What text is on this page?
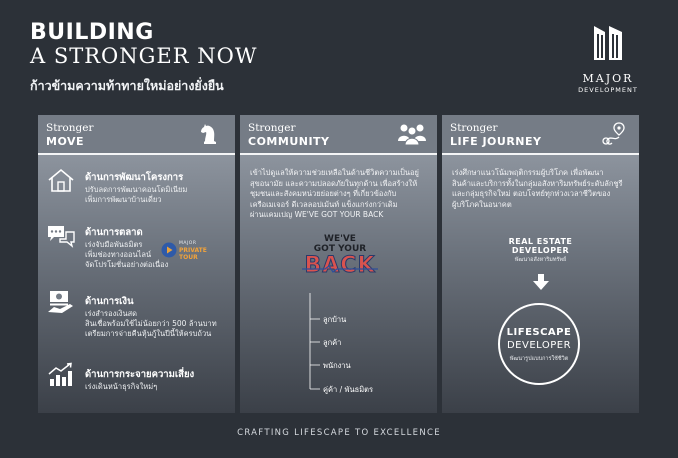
BUILDING
A STRONGER NOW
ก้าวข้ามความท้าทายใหม่อย่างยั่งยืน	MAJOR
DEVELOPMENT
Stronger
MOVE
ด้านการพัฒนาโครงการ
ปรับลดการพัฒนาคอนโดมิเนียม
เพิ่มการพัฒนาบ้านเดี่ยว
ด้านการตลาด
เร่งจับมือพันธมิตร
เพิ่มช่องทางออนไลน์
จัดโปรโมชั่นอย่างต่อเนื่อง
MAJOR
PRIVATE
TOUR
ด้านการเงิน
เร่งสำรองเงินสด
สินเชื่อพร้อมใช้ไม่น้อยกว่า 500 ล้านบาท
เตรียมการจ่ายคืนหุ้นกู้ในปีนี้ให้ครบถ้วน
ด้านการกระจายความเสี่ยง
เร่งเดินหน้าธุรกิจใหม่ๆ
Stronger
COMMUNITY
เข้าไปดูแลให้ความช่วยเหลือในด้านชีวิตความเป็นอยู่
สุขอนามัย และความปลอดภัยในทุกด้าน เพื่อสร้างให้
ชุมชนและสังคมหน่วยย่อยต่างๆ ที่เกี่ยวข้องกับ
เครือเมเจอร์ ดีเวลลอปเม้นท์ แข็งแกร่งกว่าเดิม
ผ่านแคมเปญ WE'VE GOT YOUR BACK
WE'VE
GOT YOUR
BACK
ลูกบ้าน
ลูกค้า
พนักงาน
คู่ค้า / พันธมิตร
Stronger
LIFE JOURNEY
เร่งศึกษาแนวโน้มพฤติกรรมผู้บริโภค เพื่อพัฒนา
สินค้าและบริการทั้งในกลุ่มอสังหาริมทรัพย์ระดับลักชูรี
และกลุ่มธุรกิจใหม่ ตอบโจทย์ทุกห่วงเวลาชีวิตของ
ผู้บริโภคในอนาคต
REAL ESTATE
DEVELOPER
พัฒนาอสังหาริมทรัพย์
LIFESCAPE
DEVELOPER
พัฒนารูปแบบการใช้ชีวิต
CRAFTING LIFESCAPE TO EXCELLENCE
